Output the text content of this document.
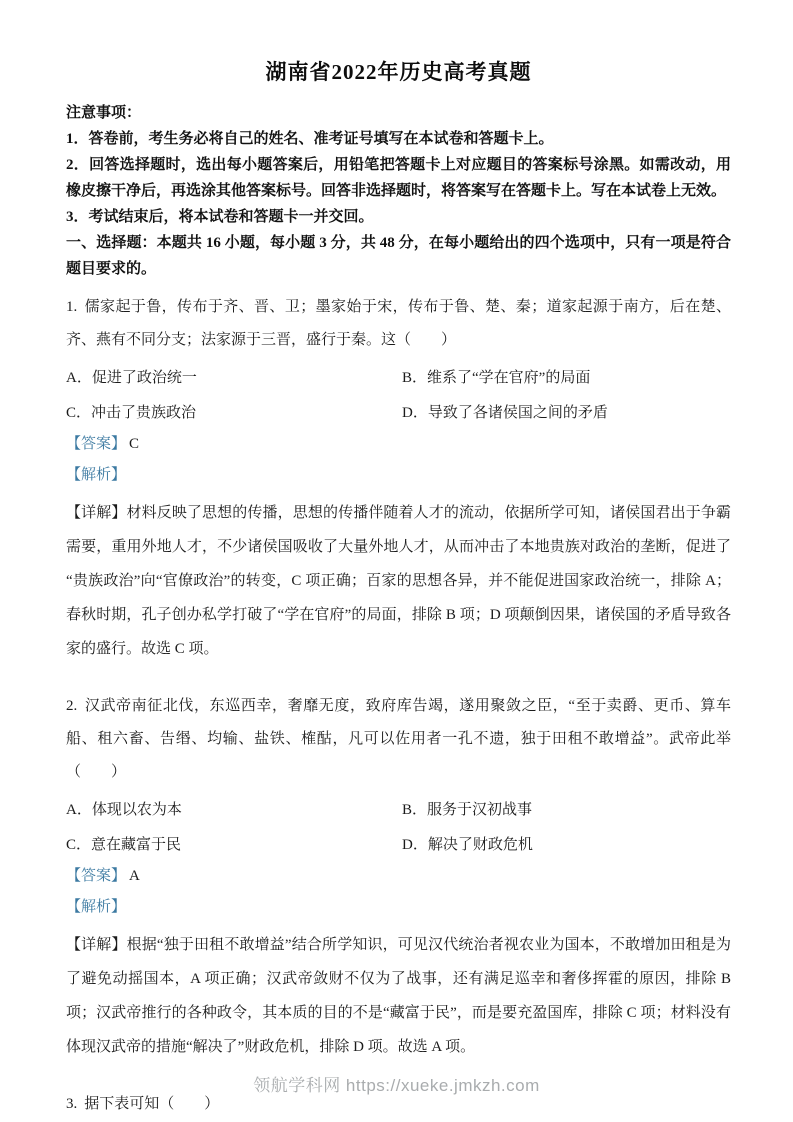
湖南省2022年历史高考真题

注意事项：

1．答卷前，考生务必将自己的姓名、准考证号填写在本试卷和答题卡上。

2．回答选择题时，选出每小题答案后，用铅笔把答题卡上对应题目的答案标号涂黑。如需改动，用橡皮擦干净后，再选涂其他答案标号。回答非选择题时，将答案写在答题卡上。写在本试卷上无效。

3．考试结束后，将本试卷和答题卡一并交回。

一、选择题：本题共 16 小题，每小题 3 分，共 48 分，在每小题给出的四个选项中，只有一项是符合题目要求的。

1. 儒家起于鲁，传布于齐、晋、卫；墨家始于宋，传布于鲁、楚、秦；道家起源于南方，后在楚、齐、燕有不同分支；法家源于三晋，盛行于秦。这（　　）

A．促进了政治统一	B．维系了“学在官府”的局面
C．冲击了贵族政治	D．导致了各诸侯国之间的矛盾

【答案】 C

【解析】

【详解】材料反映了思想的传播，思想的传播伴随着人才的流动，依据所学可知，诸侯国君出于争霸需要，重用外地人才，不少诸侯国吸收了大量外地人才，从而冲击了本地贵族对政治的垄断，促进了“贵族政治”向“官僚政治”的转变，C 项正确；百家的思想各异，并不能促进国家政治统一，排除 A；春秋时期，孔子创办私学打破了“学在官府”的局面，排除 B 项；D 项颠倒因果，诸侯国的矛盾导致各家的盛行。故选 C 项。

2. 汉武帝南征北伐，东巡西幸，奢靡无度，致府库告竭，遂用聚敛之臣，“至于卖爵、更币、算车船、租六畜、告缗、均输、盐铁、榷酤，凡可以佐用者一孔不遗，独于田租不敢增益”。武帝此举（　　）

A．体现以农为本	B．服务于汉初战事
C．意在藏富于民	D．解决了财政危机

【答案】 A

【解析】

【详解】根据“独于田租不敢增益”结合所学知识，可见汉代统治者视农业为国本，不敢增加田租是为了避免动摇国本，A 项正确；汉武帝敛财不仅为了战事，还有满足巡幸和奢侈挥霍的原因，排除 B 项；汉武帝推行的各种政令，其本质的目的不是“藏富于民”，而是要充盈国库，排除 C 项；材料没有体现汉武帝的措施“解决了”财政危机，排除 D 项。故选 A 项。

3. 据下表可知（　　）

领航学科网 https://xueke.jmkzh.com
